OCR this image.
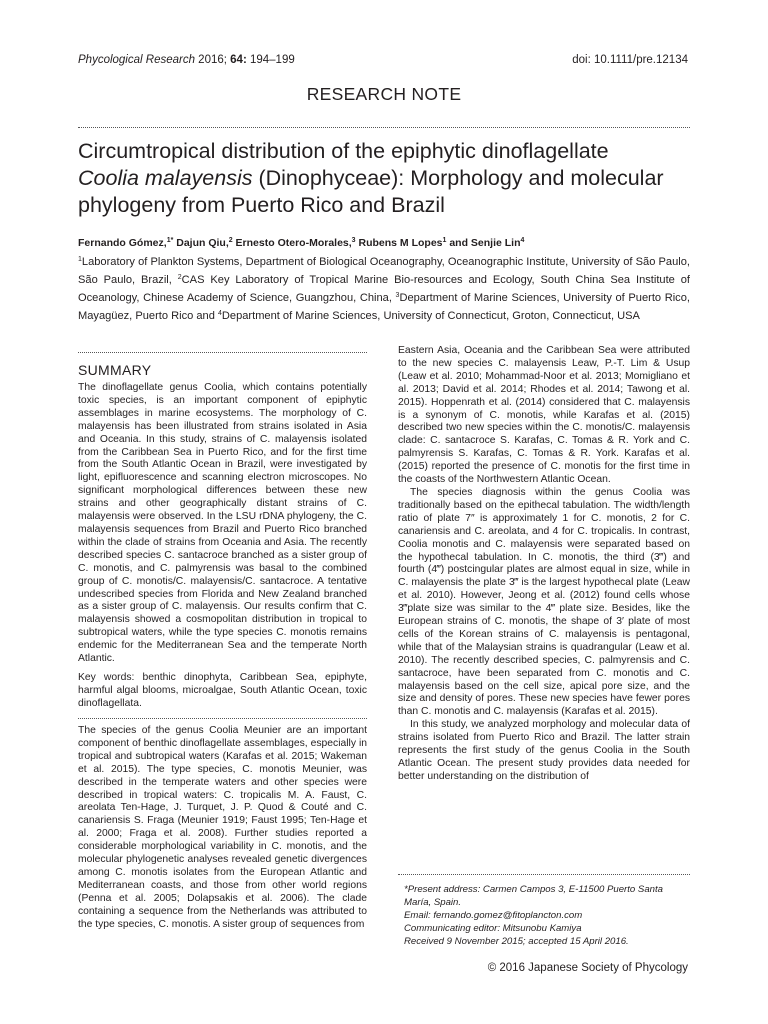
Phycological Research 2016; 64: 194–199	doi: 10.1111/pre.12134
RESEARCH NOTE
Circumtropical distribution of the epiphytic dinoflagellate
Coolia malayensis (Dinophyceae): Morphology and molecular
phylogeny from Puerto Rico and Brazil
Fernando Gómez,$^{1*}$ Dajun Qiu,$^2$ Ernesto Otero-Morales,$^3$ Rubens M Lopes$^1$ and Senjie Lin$^4$
$^1$Laboratory of Plankton Systems, Department of Biological Oceanography, Oceanographic Institute, University of São Paulo, São Paulo, Brazil, $^2$CAS Key Laboratory of Tropical Marine Bio-resources and Ecology, South China Sea Institute of Oceanology, Chinese Academy of Science, Guangzhou, China, $^3$Department of Marine Sciences, University of Puerto Rico, Mayagüez, Puerto Rico and $^4$Department of Marine Sciences, University of Connecticut, Groton, Connecticut, USA
SUMMARY

The dinoflagellate genus Coolia, which contains potentially toxic species, is an important component of epiphytic assemblages in marine ecosystems. The morphology of C. malayensis has been illustrated from strains isolated in Asia and Oceania. In this study, strains of C. malayensis isolated from the Caribbean Sea in Puerto Rico, and for the first time from the South Atlantic Ocean in Brazil, were investigated by light, epifluorescence and scanning electron microscopes. No significant morphological differences between these new strains and other geographically distant strains of C. malayensis were observed. In the LSU rDNA phylogeny, the C. malayensis sequences from Brazil and Puerto Rico branched within the clade of strains from Oceania and Asia. The recently described species C. santacroce branched as a sister group of C. monotis, and C. palmyrensis was basal to the combined group of C. monotis/C. malayensis/C. santacroce. A tentative undescribed species from Florida and New Zealand branched as a sister group of C. malayensis. Our results confirm that C. malayensis showed a cosmopolitan distribution in tropical to subtropical waters, while the type species C. monotis remains endemic for the Mediterranean Sea and the temperate North Atlantic.

Key words: benthic dinophyta, Caribbean Sea, epiphyte, harmful algal blooms, microalgae, South Atlantic Ocean, toxic dinoflagellata.

The species of the genus Coolia Meunier are an important component of benthic dinoflagellate assemblages, especially in tropical and subtropical waters (Karafas et al. 2015; Wakeman et al. 2015). The type species, C. monotis Meunier, was described in the temperate waters and other species were described in tropical waters: C. tropicalis M. A. Faust, C. areolata Ten-Hage, J. Turquet, J. P. Quod & Couté and C. canariensis S. Fraga (Meunier 1919; Faust 1995; Ten-Hage et al. 2000; Fraga et al. 2008). Further studies reported a considerable morphological variability in C. monotis, and the molecular phylogenetic analyses revealed genetic divergences among C. monotis isolates from the European Atlantic and Mediterranean coasts, and those from other world regions (Penna et al. 2005; Dolapsakis et al. 2006). The clade containing a sequence from the Netherlands was attributed to the type species, C. monotis. A sister group of sequences from

Eastern Asia, Oceania and the Caribbean Sea were attributed to the new species C. malayensis Leaw, P.-T. Lim & Usup (Leaw et al. 2010; Mohammad-Noor et al. 2013; Momigliano et al. 2013; David et al. 2014; Rhodes et al. 2014; Tawong et al. 2015). Hoppenrath et al. (2014) considered that C. malayensis is a synonym of C. monotis, while Karafas et al. (2015) described two new species within the C. monotis/C. malayensis clade: C. santacroce S. Karafas, C. Tomas & R. York and C. palmyrensis S. Karafas, C. Tomas & R. York. Karafas et al. (2015) reported the presence of C. monotis for the first time in the coasts of the Northwestern Atlantic Ocean.

The species diagnosis within the genus Coolia was traditionally based on the epithecal tabulation. The width/length ratio of plate 7″ is approximately 1 for C. monotis, 2 for C. canariensis and C. areolata, and 4 for C. tropicalis. In contrast, Coolia monotis and C. malayensis were separated based on the hypothecal tabulation. In C. monotis, the third (3‴) and fourth (4‴) postcingular plates are almost equal in size, while in C. malayensis the plate 3‴ is the largest hypothecal plate (Leaw et al. 2010). However, Jeong et al. (2012) found cells whose 3‴plate size was similar to the 4‴ plate size. Besides, like the European strains of C. monotis, the shape of 3′ plate of most cells of the Korean strains of C. malayensis is pentagonal, while that of the Malaysian strains is quadrangular (Leaw et al. 2010). The recently described species, C. palmyrensis and C. santacroce, have been separated from C. monotis and C. malayensis based on the cell size, apical pore size, and the size and density of pores. These new species have fewer pores than C. monotis and C. malayensis (Karafas et al. 2015).

In this study, we analyzed morphology and molecular data of strains isolated from Puerto Rico and Brazil. The latter strain represents the first study of the genus Coolia in the South Atlantic Ocean. The present study provides data needed for better understanding on the distribution of

*Present address: Carmen Campos 3, E-11500 Puerto Santa María, Spain.

Email: fernando.gomez@fitoplancton.com

Communicating editor: Mitsunobu Kamiya

Received 9 November 2015; accepted 15 April 2016.

© 2016 Japanese Society of Phycology
